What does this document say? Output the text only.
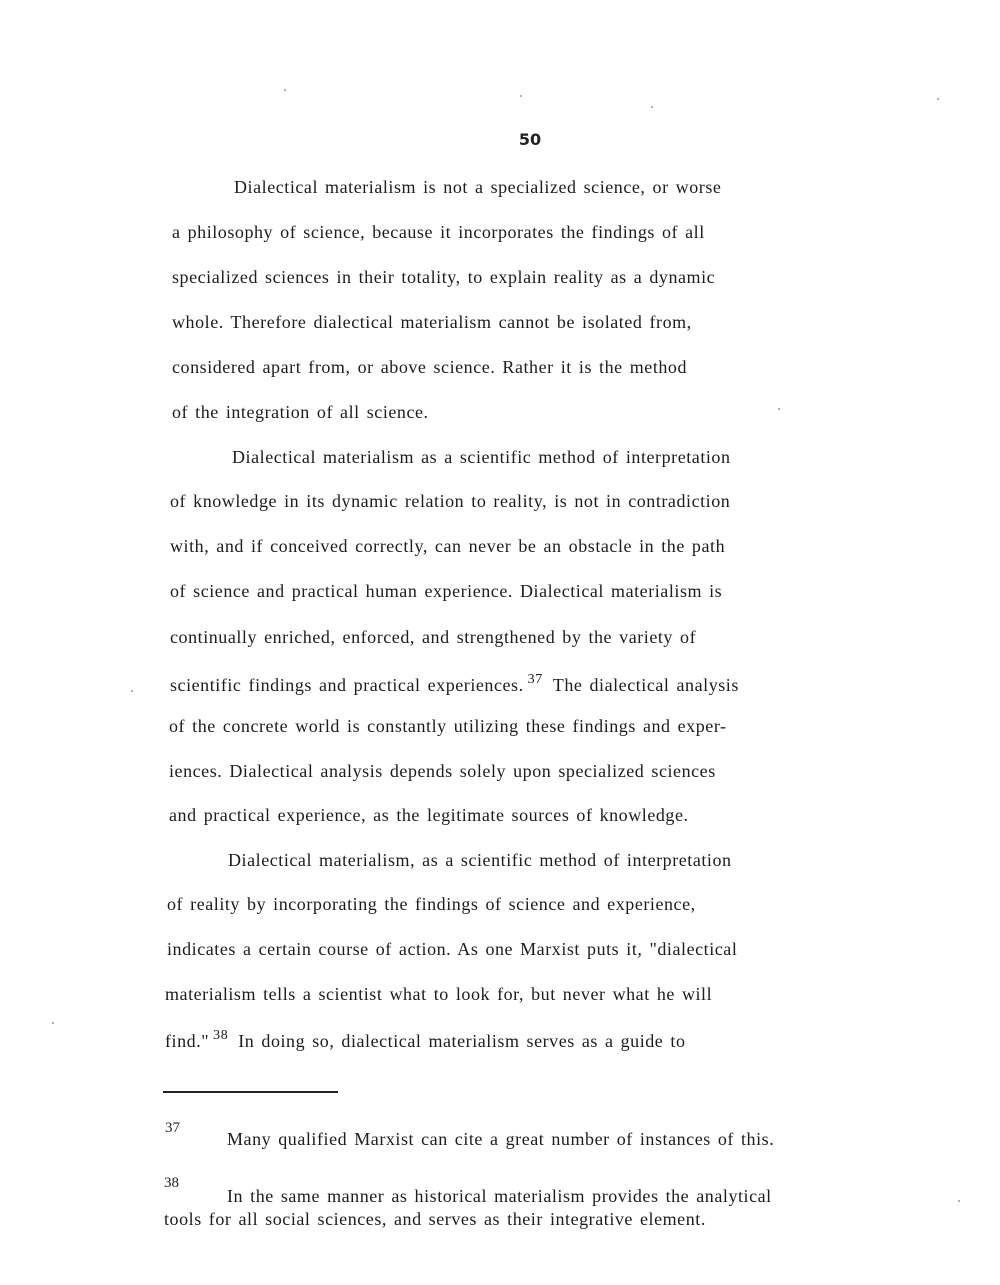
50
Dialectical materialism is not a specialized science, or worse
a philosophy of science, because it incorporates the findings of all
specialized sciences in their totality, to explain reality as a dynamic
whole. Therefore dialectical materialism cannot be isolated from,
considered apart from, or above science. Rather it is the method
of the integration of all science.
Dialectical materialism as a scientific method of interpretation
of knowledge in its dynamic relation to reality, is not in contradiction
with, and if conceived correctly, can never be an obstacle in the path
of science and practical human experience. Dialectical materialism is
continually enriched, enforced, and strengthened by the variety of
scientific findings and practical experiences. $^{37}$ The dialectical analysis
of the concrete world is constantly utilizing these findings and exper-
iences. Dialectical analysis depends solely upon specialized sciences
and practical experience, as the legitimate sources of knowledge.
Dialectical materialism, as a scientific method of interpretation
of reality by incorporating the findings of science and experience,
indicates a certain course of action. As one Marxist puts it, "dialectical
materialism tells a scientist what to look for, but never what he will
find." $^{38}$ In doing so, dialectical materialism serves as a guide to
37
Many qualified Marxist can cite a great number of instances of this.
38
In the same manner as historical materialism provides the analytical
tools for all social sciences, and serves as their integrative element.
